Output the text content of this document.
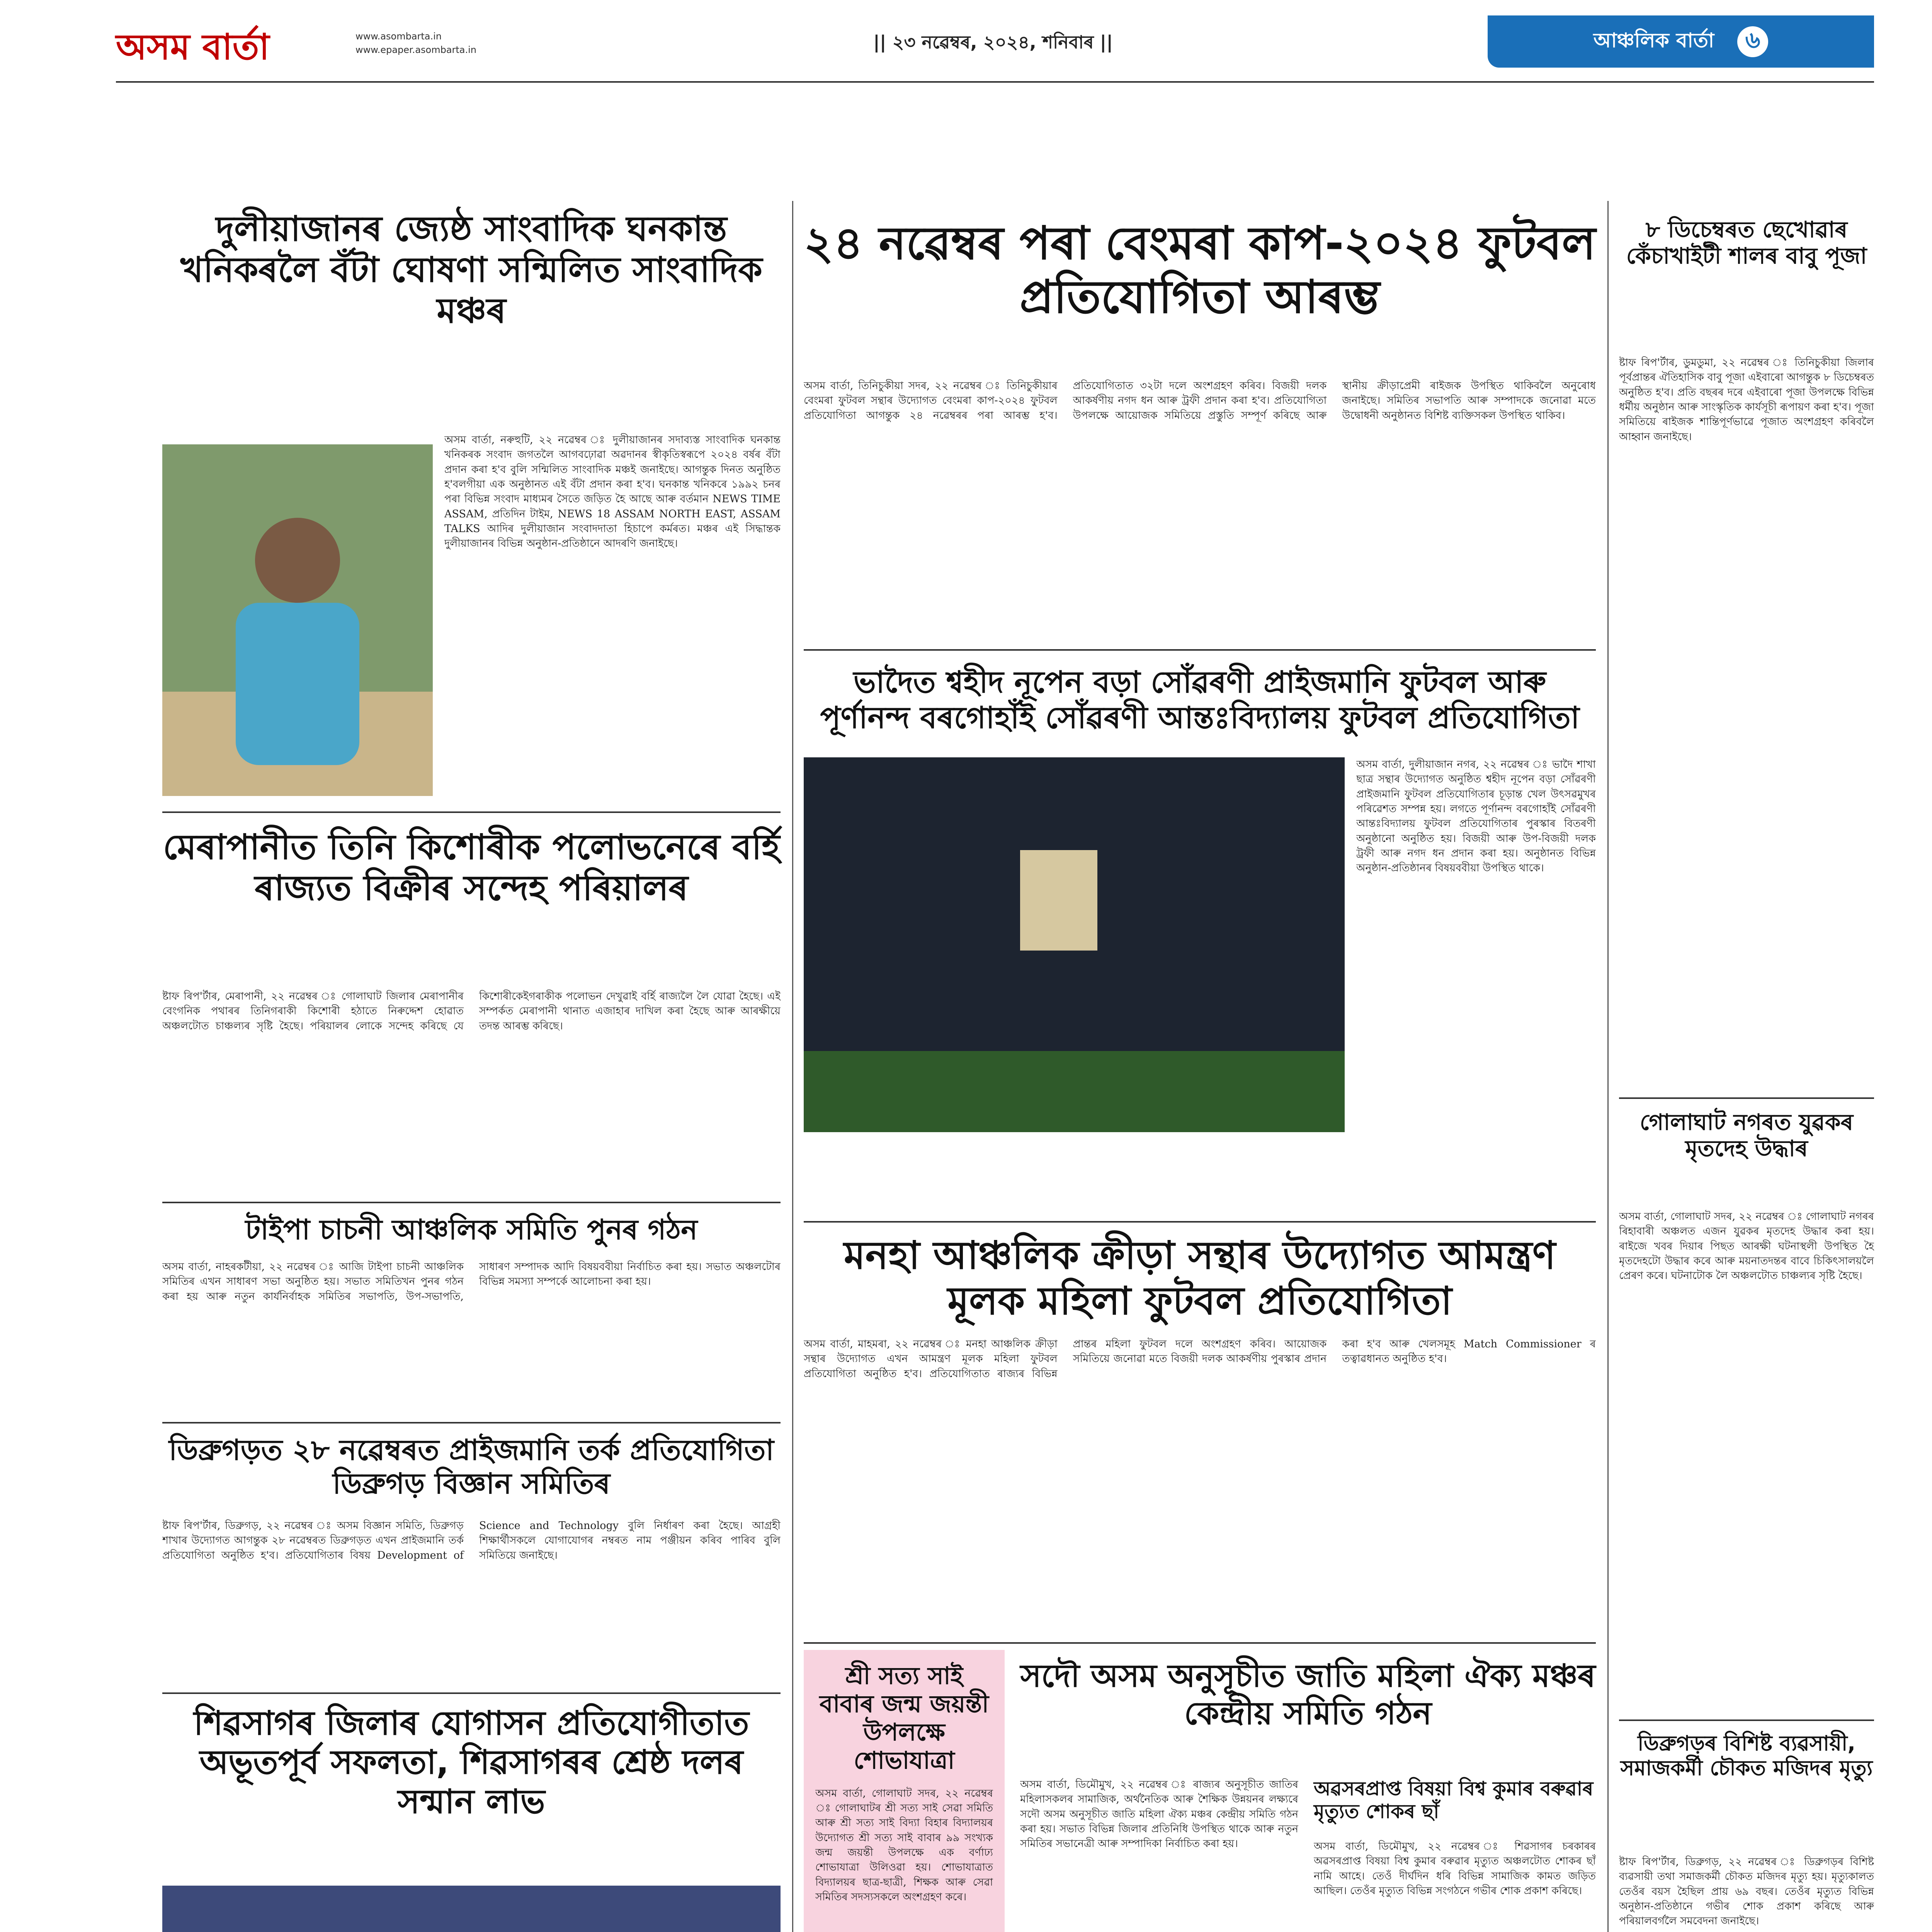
অসম বাৰ্তা	www.asombarta.in
www.epaper.asombarta.in	|| ২৩ নৱেম্বৰ, ২০২৪, শনিবাৰ ||	আঞ্চলিক বাৰ্তা	৬
দুলীয়াজানৰ জ্যেষ্ঠ সাংবাদিক ঘনকান্ত খনিকৰলৈ বঁটা ঘোষণা সন্মিলিত সাংবাদিক মঞ্চৰ
অসম বাৰ্তা, নৰুহুটি, ২২ নৱেম্বৰ ঃ দুলীয়াজানৰ সদাব্যস্ত সাংবাদিক ঘনকান্ত খনিকৰক সংবাদ জগতলৈ আগবঢ়োৱা অৱদানৰ স্বীকৃতিস্বৰূপে ২০২৪ বৰ্ষৰ বঁটা প্ৰদান কৰা হ'ব বুলি সন্মিলিত সাংবাদিক মঞ্চই জনাইছে। আগন্তুক দিনত অনুষ্ঠিত হ'বলগীয়া এক অনুষ্ঠানত এই বঁটা প্ৰদান কৰা হ'ব। ঘনকান্ত খনিকৰে ১৯৯২ চনৰ পৰা বিভিন্ন সংবাদ মাধ্যমৰ সৈতে জড়িত হৈ আছে আৰু বৰ্তমান NEWS TIME ASSAM, প্ৰতিদিন টাইম, NEWS 18 ASSAM NORTH EAST, ASSAM TALKS আদিৰ দুলীয়াজান সংবাদদাতা হিচাপে কৰ্মৰত। মঞ্চৰ এই সিদ্ধান্তক দুলীয়াজানৰ বিভিন্ন অনুষ্ঠান-প্ৰতিষ্ঠানে আদৰণি জনাইছে।
মেৰাপানীত তিনি কিশোৰীক পলোভনেৰে বৰ্হি ৰাজ্যত বিক্ৰীৰ সন্দেহ পৰিয়ালৰ
ষ্টাফ ৰিপ'ৰ্টাৰ, মেৰাপানী, ২২ নৱেম্বৰ ঃ গোলাঘাট জিলাৰ মেৰাপানীৰ বেংগনিক পথাৰৰ তিনিগৰাকী কিশোৰী হঠাতে নিৰুদ্দেশ হোৱাত অঞ্চলটোত চাঞ্চল্যৰ সৃষ্টি হৈছে। পৰিয়ালৰ লোকে সন্দেহ কৰিছে যে কিশোৰীকেইগৰাকীক পলোভন দেখুৱাই বৰ্হি ৰাজ্যলৈ লৈ যোৱা হৈছে। এই সম্পৰ্কত মেৰাপানী থানাত এজাহাৰ দাখিল কৰা হৈছে আৰু আৰক্ষীয়ে তদন্ত আৰম্ভ কৰিছে।
টাইপা চাচনী আঞ্চলিক সমিতি পুনৰ গঠন
অসম বাৰ্তা, নাহৰকটীয়া, ২২ নৱেম্বৰ ঃ আজি টাইপা চাচনী আঞ্চলিক সমিতিৰ এখন সাধাৰণ সভা অনুষ্ঠিত হয়। সভাত সমিতিখন পুনৰ গঠন কৰা হয় আৰু নতুন কাৰ্যনিৰ্বাহক সমিতিৰ সভাপতি, উপ-সভাপতি, সাধাৰণ সম্পাদক আদি বিষয়ববীয়া নিৰ্বাচিত কৰা হয়। সভাত অঞ্চলটোৰ বিভিন্ন সমস্যা সম্পৰ্কে আলোচনা কৰা হয়।
ডিব্ৰুগড়ত ২৮ নৱেম্বৰত প্ৰাইজমানি তৰ্ক প্ৰতিযোগিতা ডিব্ৰুগড় বিজ্ঞান সমিতিৰ
ষ্টাফ ৰিপ'ৰ্টাৰ, ডিব্ৰুগড়, ২২ নৱেম্বৰ ঃ অসম বিজ্ঞান সমিতি, ডিব্ৰুগড় শাখাৰ উদ্যোগত আগন্তুক ২৮ নৱেম্বৰত ডিব্ৰুগড়ত এখন প্ৰাইজমানি তৰ্ক প্ৰতিযোগিতা অনুষ্ঠিত হ'ব। প্ৰতিযোগিতাৰ বিষয় Development of Science and Technology বুলি নিৰ্ধাৰণ কৰা হৈছে। আগ্ৰহী শিক্ষাৰ্থীসকলে যোগাযোগৰ নম্বৰত নাম পঞ্জীয়ন কৰিব পাৰিব বুলি সমিতিয়ে জনাইছে।
শিৱসাগৰ জিলাৰ যোগাসন প্ৰতিযোগীতাত অভূতপূৰ্ব সফলতা, শিৱসাগৰৰ শ্ৰেষ্ঠ দলৰ সন্মান লাভ
২৪ নৱেম্বৰ পৰা বেংমৰা কাপ-২০২৪ ফুটবল প্ৰতিযোগিতা আৰম্ভ
অসম বাৰ্তা, তিনিচুকীয়া সদৰ, ২২ নৱেম্বৰ ঃ তিনিচুকীয়াৰ বেংমৰা ফুটবল সন্থাৰ উদ্যোগত বেংমৰা কাপ-২০২৪ ফুটবল প্ৰতিযোগিতা আগন্তুক ২৪ নৱেম্বৰৰ পৰা আৰম্ভ হ'ব। প্ৰতিযোগিতাত ৩২টা দলে অংশগ্ৰহণ কৰিব। বিজয়ী দলক আকৰ্ষণীয় নগদ ধন আৰু ট্ৰফী প্ৰদান কৰা হ'ব। প্ৰতিযোগিতা উপলক্ষে আয়োজক সমিতিয়ে প্ৰস্তুতি সম্পূৰ্ণ কৰিছে আৰু স্থানীয় ক্ৰীড়াপ্ৰেমী ৰাইজক উপস্থিত থাকিবলৈ অনুৰোধ জনাইছে। সমিতিৰ সভাপতি আৰু সম্পাদকে জনোৱা মতে উদ্বোধনী অনুষ্ঠানত বিশিষ্ট ব্যক্তিসকল উপস্থিত থাকিব।
ভাদৈত শ্বহীদ নূপেন বড়া সোঁৱৰণী প্ৰাইজমানি ফুটবল আৰু পূৰ্ণানন্দ বৰগোহাঁই সোঁৱৰণী আন্তঃবিদ্যালয় ফুটবল প্ৰতিযোগিতা
অসম বাৰ্তা, দুলীয়াজান নগৰ, ২২ নৱেম্বৰ ঃ ভাদৈ শাখা ছাত্ৰ সন্থাৰ উদ্যোগত অনুষ্ঠিত শ্বহীদ নূপেন বড়া সোঁৱৰণী প্ৰাইজমানি ফুটবল প্ৰতিযোগিতাৰ চূড়ান্ত খেল উৎসৱমুখৰ পৰিৱেশত সম্পন্ন হয়। লগতে পূৰ্ণানন্দ বৰগোহাঁই সোঁৱৰণী আন্তঃবিদ্যালয় ফুটবল প্ৰতিযোগিতাৰ পুৰস্কাৰ বিতৰণী অনুষ্ঠানো অনুষ্ঠিত হয়। বিজয়ী আৰু উপ-বিজয়ী দলক ট্ৰফী আৰু নগদ ধন প্ৰদান কৰা হয়। অনুষ্ঠানত বিভিন্ন অনুষ্ঠান-প্ৰতিষ্ঠানৰ বিষয়ববীয়া উপস্থিত থাকে।
মনহা আঞ্চলিক ক্ৰীড়া সন্থাৰ উদ্যোগত আমন্ত্ৰণ মূলক মহিলা ফুটবল প্ৰতিযোগিতা
অসম বাৰ্তা, মাহমৰা, ২২ নৱেম্বৰ ঃ মনহা আঞ্চলিক ক্ৰীড়া সন্থাৰ উদ্যোগত এখন আমন্ত্ৰণ মূলক মহিলা ফুটবল প্ৰতিযোগিতা অনুষ্ঠিত হ'ব। প্ৰতিযোগিতাত ৰাজ্যৰ বিভিন্ন প্ৰান্তৰ মহিলা ফুটবল দলে অংশগ্ৰহণ কৰিব। আয়োজক সমিতিয়ে জনোৱা মতে বিজয়ী দলক আকৰ্ষণীয় পুৰস্কাৰ প্ৰদান কৰা হ'ব আৰু খেলসমূহ Match Commissioner ৰ তত্বাৱধানত অনুষ্ঠিত হ'ব।
শ্ৰী সত্য সাই বাবাৰ জন্ম জয়ন্তী উপলক্ষে শোভাযাত্ৰা
অসম বাৰ্তা, গোলাঘাট সদৰ, ২২ নৱেম্বৰ ঃ গোলাঘাটৰ শ্ৰী সত্য সাই সেৱা সমিতি আৰু শ্ৰী সত্য সাই বিদ্যা বিহাৰ বিদ্যালয়ৰ উদ্যোগত শ্ৰী সত্য সাই বাবাৰ ৯৯ সংখ্যক জন্ম জয়ন্তী উপলক্ষে এক বৰ্ণাঢ্য শোভাযাত্ৰা উলিওৱা হয়। শোভাযাত্ৰাত বিদ্যালয়ৰ ছাত্ৰ-ছাত্ৰী, শিক্ষক আৰু সেৱা সমিতিৰ সদস্যসকলে অংশগ্ৰহণ কৰে।
সদৌ অসম অনুসূচীত জাতি মহিলা ঐক্য মঞ্চৰ কেন্দ্ৰীয় সমিতি গঠন
অসম বাৰ্তা, ডিমৌমুখ, ২২ নৱেম্বৰ ঃ ৰাজ্যৰ অনুসূচীত জাতিৰ মহিলাসকলৰ সামাজিক, অৰ্থনৈতিক আৰু শৈক্ষিক উন্নয়নৰ লক্ষ্যৰে সদৌ অসম অনুসূচীত জাতি মহিলা ঐক্য মঞ্চৰ কেন্দ্ৰীয় সমিতি গঠন কৰা হয়। সভাত বিভিন্ন জিলাৰ প্ৰতিনিধি উপস্থিত থাকে আৰু নতুন সমিতিৰ সভানেত্ৰী আৰু সম্পাদিকা নিৰ্বাচিত কৰা হয়।
অৱসৰপ্ৰাপ্ত বিষয়া বিশ্ব কুমাৰ বৰুৱাৰ মৃত্যুত শোকৰ ছাঁ
অসম বাৰ্তা, ডিমৌমুখ, ২২ নৱেম্বৰ ঃ শিৱসাগৰ চৰকাৰৰ অৱসৰপ্ৰাপ্ত বিষয়া বিশ্ব কুমাৰ বৰুৱাৰ মৃত্যুত অঞ্চলটোত শোকৰ ছাঁ নামি আহে। তেওঁ দীৰ্ঘদিন ধৰি বিভিন্ন সামাজিক কামত জড়িত আছিল। তেওঁৰ মৃত্যুত বিভিন্ন সংগঠনে গভীৰ শোক প্ৰকাশ কৰিছে।
৮ ডিচেম্বৰত ছেখোৱাৰ কেঁচাখাইটী শালৰ বাবু পূজা
ষ্টাফ ৰিপ'ৰ্টাৰ, ডুমডুমা, ২২ নৱেম্বৰ ঃ তিনিচুকীয়া জিলাৰ পূৰ্বপ্ৰান্তৰ ঐতিহাসিক বাবু পূজা এইবাৰো আগন্তুক ৮ ডিচেম্বৰত অনুষ্ঠিত হ'ব। প্ৰতি বছৰৰ দৰে এইবাৰো পূজা উপলক্ষে বিভিন্ন ধৰ্মীয় অনুষ্ঠান আৰু সাংস্কৃতিক কাৰ্যসূচী ৰূপায়ণ কৰা হ'ব। পূজা সমিতিয়ে ৰাইজক শান্তিপূৰ্ণভাৱে পূজাত অংশগ্ৰহণ কৰিবলৈ আহ্বান জনাইছে।
গোলাঘাট নগৰত যুৱকৰ মৃতদেহ উদ্ধাৰ
অসম বাৰ্তা, গোলাঘাট সদৰ, ২২ নৱেম্বৰ ঃ গোলাঘাট নগৰৰ ৰিহাবাৰী অঞ্চলত এজন যুৱকৰ মৃতদেহ উদ্ধাৰ কৰা হয়। ৰাইজে খবৰ দিয়াৰ পিছত আৰক্ষী ঘটনাস্থলী উপস্থিত হৈ মৃতদেহটো উদ্ধাৰ কৰে আৰু ময়নাতদন্তৰ বাবে চিকিৎসালয়লৈ প্ৰেৰণ কৰে। ঘটনাটোক লৈ অঞ্চলটোত চাঞ্চল্যৰ সৃষ্টি হৈছে।
ডিব্ৰুগড়ৰ বিশিষ্ট ব্যৱসায়ী, সমাজকৰ্মী চৌকত মজিদৰ মৃত্যু
ষ্টাফ ৰিপ'ৰ্টাৰ, ডিব্ৰুগড়, ২২ নৱেম্বৰ ঃ ডিব্ৰুগড়ৰ বিশিষ্ট ব্যৱসায়ী তথা সমাজকৰ্মী চৌকত মজিদৰ মৃত্যু হয়। মৃত্যুকালত তেওঁৰ বয়স হৈছিল প্ৰায় ৬৯ বছৰ। তেওঁৰ মৃত্যুত বিভিন্ন অনুষ্ঠান-প্ৰতিষ্ঠানে গভীৰ শোক প্ৰকাশ কৰিছে আৰু পৰিয়ালবৰ্গলৈ সমবেদনা জনাইছে।
